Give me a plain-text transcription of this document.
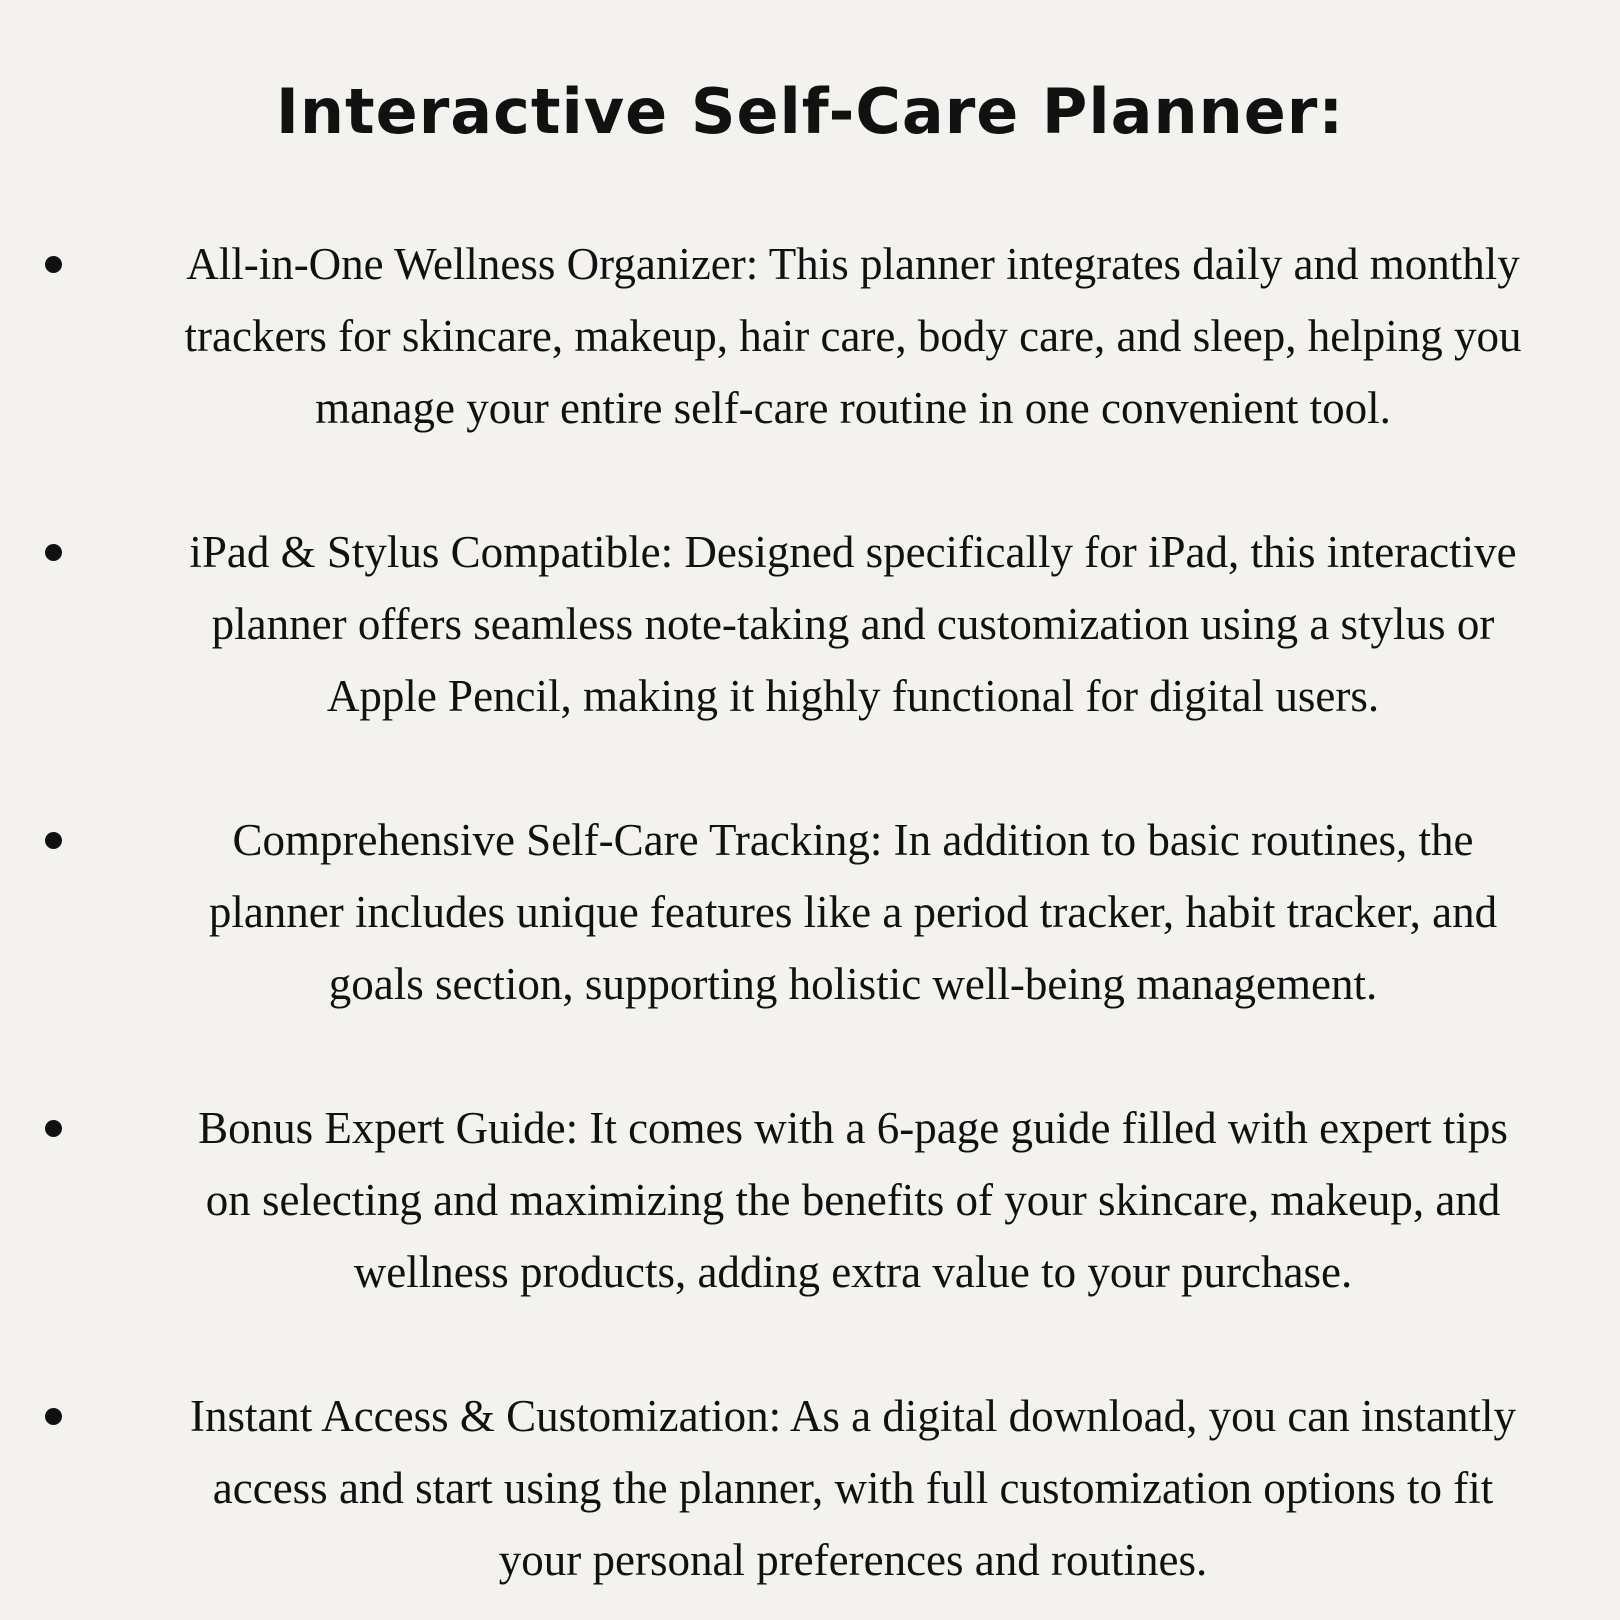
Interactive Self-Care Planner:

All-in-One Wellness Organizer: This planner integrates daily and monthly
trackers for skincare, makeup, hair care, body care, and sleep, helping you
manage your entire self-care routine in one convenient tool.

iPad & Stylus Compatible: Designed specifically for iPad, this interactive
planner offers seamless note-taking and customization using a stylus or
Apple Pencil, making it highly functional for digital users.

Comprehensive Self-Care Tracking: In addition to basic routines, the
planner includes unique features like a period tracker, habit tracker, and
goals section, supporting holistic well-being management.

Bonus Expert Guide: It comes with a 6-page guide filled with expert tips
on selecting and maximizing the benefits of your skincare, makeup, and
wellness products, adding extra value to your purchase.

Instant Access & Customization: As a digital download, you can instantly
access and start using the planner, with full customization options to fit
your personal preferences and routines.
